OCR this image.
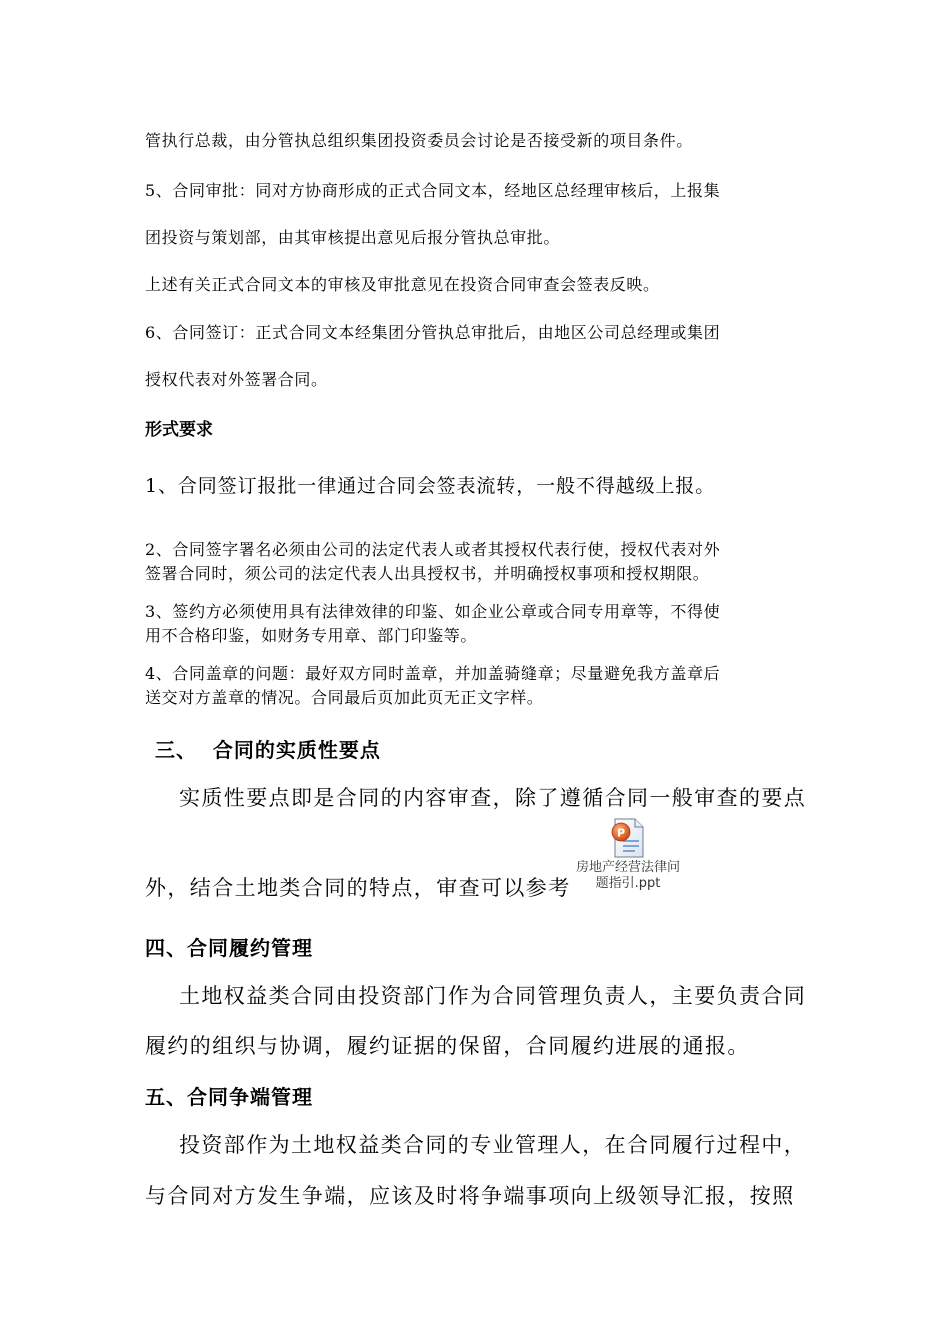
管执行总裁，由分管执总组织集团投资委员会讨论是否接受新的项目条件。
5、合同审批：同对方协商形成的正式合同文本，经地区总经理审核后，上报集
团投资与策划部，由其审核提出意见后报分管执总审批。
上述有关正式合同文本的审核及审批意见在投资合同审查会签表反映。
6、合同签订：正式合同文本经集团分管执总审批后，由地区公司总经理或集团
授权代表对外签署合同。
形式要求
1、合同签订报批一律通过合同会签表流转，一般不得越级上报。
2、合同签字署名必须由公司的法定代表人或者其授权代表行使，授权代表对外
签署合同时，须公司的法定代表人出具授权书，并明确授权事项和授权期限。
3、签约方必须使用具有法律效律的印鉴、如企业公章或合同专用章等，不得使
用不合格印鉴，如财务专用章、部门印鉴等。
4、合同盖章的问题：最好双方同时盖章，并加盖骑缝章；尽量避免我方盖章后
送交对方盖章的情况。合同最后页加此页无正文字样。
三、  合同的实质性要点
实质性要点即是合同的内容审查，除了遵循合同一般审查的要点
外，结合土地类合同的特点，审查可以参考
P
房地产经营法律问
题指引.ppt
四、合同履约管理
土地权益类合同由投资部门作为合同管理负责人，主要负责合同
履约的组织与协调，履约证据的保留，合同履约进展的通报。
五、合同争端管理
投资部作为土地权益类合同的专业管理人，在合同履行过程中，
与合同对方发生争端，应该及时将争端事项向上级领导汇报，按照
